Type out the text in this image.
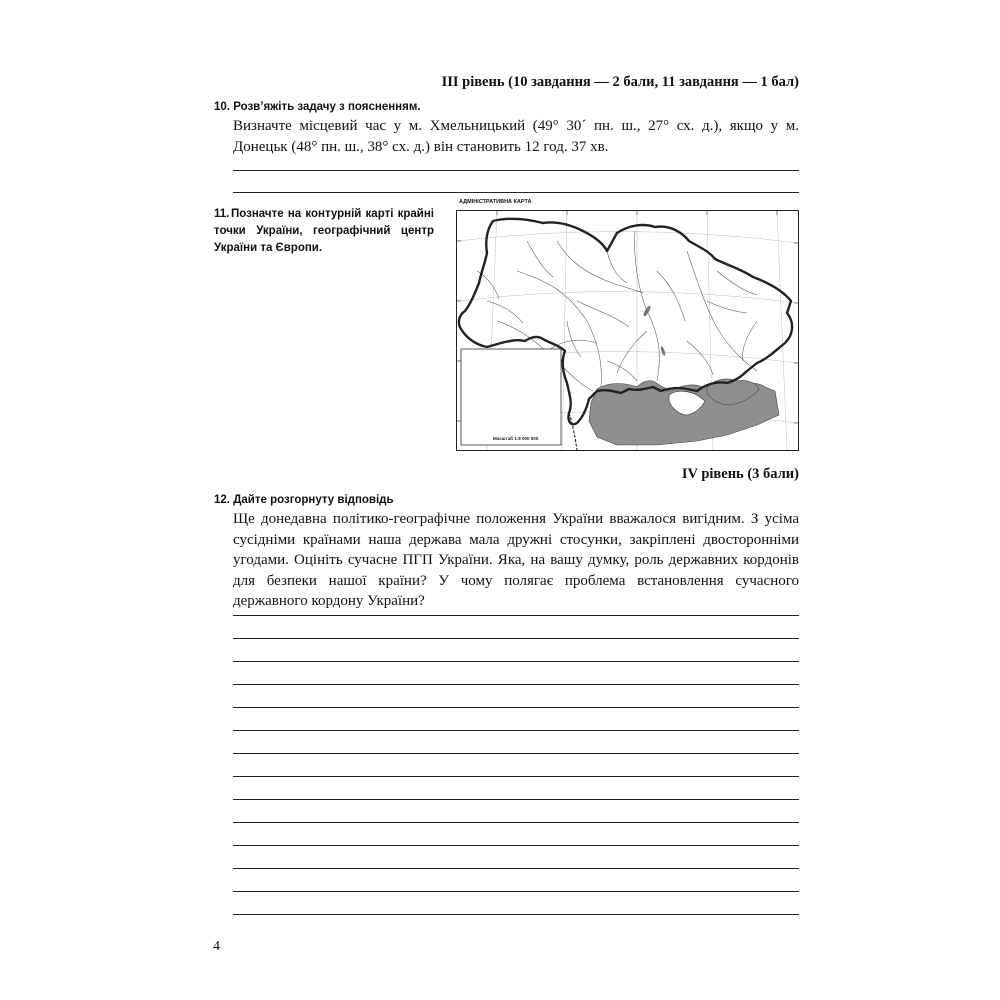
ІІІ рівень (10 завдання — 2 бали, 11 завдання — 1 бал)
10. Розв’яжіть задачу з поясненням.
Визначте місцевий час у м. Хмельницький (49° 30´ пн. ш., 27° сх. д.), якщо у м. Донецьк (48° пн. ш., 38° сх. д.) він становить 12 год. 37 хв.
11. Позначте на контурній карті крайні точки України, географічний центр України та Європи.
АДМІНІСТРАТИВНА КАРТА
Масштаб 1:8 000 000
IV рівень (3 бали)
12. Дайте розгорнуту відповідь
Ще донедавна політико-географічне положення України вважалося вигідним. З усіма сусідніми країнами наша держава мала дружні стосунки, закріплені двосторонніми угодами. Оцініть сучасне ПГП України. Яка, на вашу думку, роль державних кордонів для безпеки нашої країни? У чому полягає проблема встановлення сучасного державного кордону України?
4
